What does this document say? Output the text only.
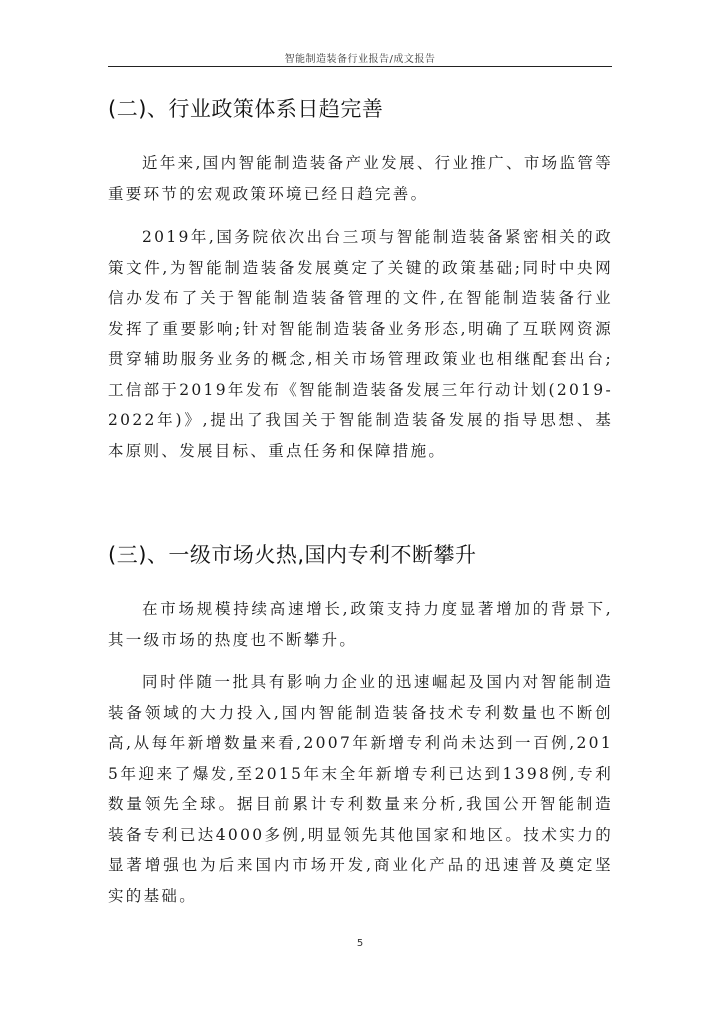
智能制造装备行业报告/成文报告
(二)、行业政策体系日趋完善

近年来,国内智能制造装备产业发展、行业推广、市场监管等重要环节的宏观政策环境已经日趋完善。

2019年,国务院依次出台三项与智能制造装备紧密相关的政策文件,为智能制造装备发展奠定了关键的政策基础;同时中央网信办发布了关于智能制造装备管理的文件,在智能制造装备行业发挥了重要影响;针对智能制造装备业务形态,明确了互联网资源贯穿辅助服务业务的概念,相关市场管理政策业也相继配套出台;工信部于2019年发布《智能制造装备发展三年行动计划(2019-2022年)》,提出了我国关于智能制造装备发展的指导思想、基本原则、发展目标、重点任务和保障措施。

(三)、一级市场火热,国内专利不断攀升

在市场规模持续高速增长,政策支持力度显著增加的背景下,其一级市场的热度也不断攀升。

同时伴随一批具有影响力企业的迅速崛起及国内对智能制造装备领域的大力投入,国内智能制造装备技术专利数量也不断创高,从每年新增数量来看,2007年新增专利尚未达到一百例,2015年迎来了爆发,至2015年末全年新增专利已达到1398例,专利数量领先全球。据目前累计专利数量来分析,我国公开智能制造装备专利已达4000多例,明显领先其他国家和地区。技术实力的显著增强也为后来国内市场开发,商业化产品的迅速普及奠定坚实的基础。

5
